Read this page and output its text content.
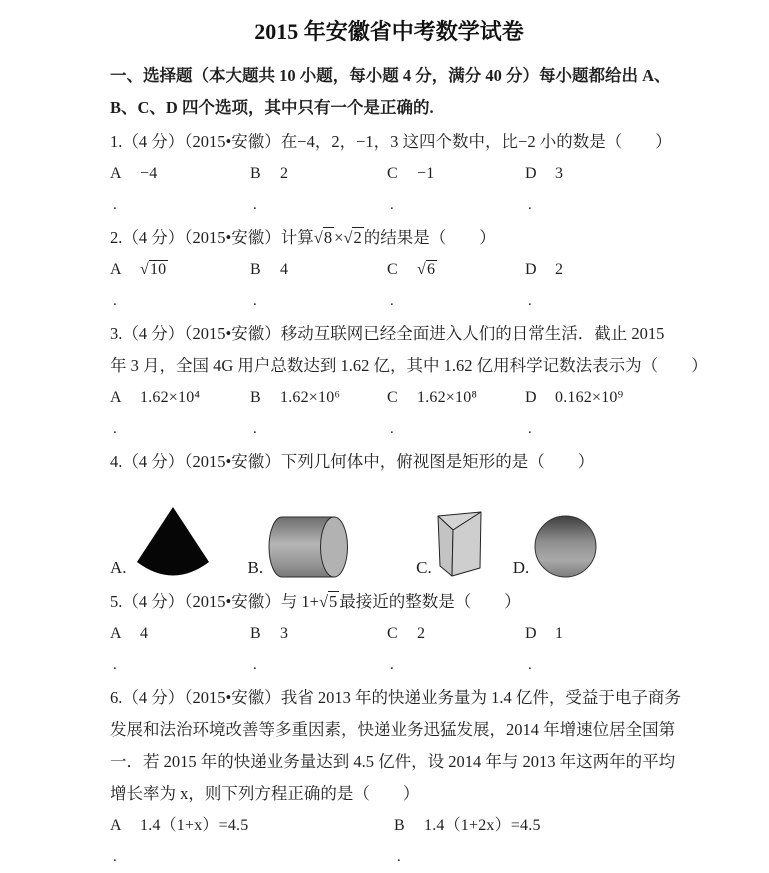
2015 年安徽省中考数学试卷
一、选择题（本大题共 10 小题，每小题 4 分，满分 40 分）每小题都给出 A、
B、C、D 四个选项，其中只有一个是正确的.
1.（4 分）（2015•安徽）在−4，2，−1，3 这四个数中，比−2 小的数是（　　）
A −4	B 2	C −1	D 3
.	.	.	.
2.（4 分）（2015•安徽）计算√8 ×√2 的结果是（　　）
A √10	B 4	C √6	D 2
.	.	.	.
3.（4 分）（2015•安徽）移动互联网已经全面进入人们的日常生活．截止 2015
年 3 月，全国 4G 用户总数达到 1.62 亿，其中 1.62 亿用科学记数法表示为（　　）
A 1.62×10⁴	B 1.62×10⁶	C 1.62×10⁸	D 0.162×10⁹
.	.	.	.
4.（4 分）（2015•安徽）下列几何体中，俯视图是矩形的是（　　）
A.	B.	C.	D.
5.（4 分）（2015•安徽）与 1+√5 最接近的整数是（　　）
A 4	B 3	C 2	D 1
.	.	.	.
6.（4 分）（2015•安徽）我省 2013 年的快递业务量为 1.4 亿件，受益于电子商务
发展和法治环境改善等多重因素，快递业务迅猛发展，2014 年增速位居全国第
一．若 2015 年的快递业务量达到 4.5 亿件，设 2014 年与 2013 年这两年的平均
增长率为 x，则下列方程正确的是（　　）
A 1.4（1+x）=4.5	B 1.4（1+2x）=4.5
.	.
